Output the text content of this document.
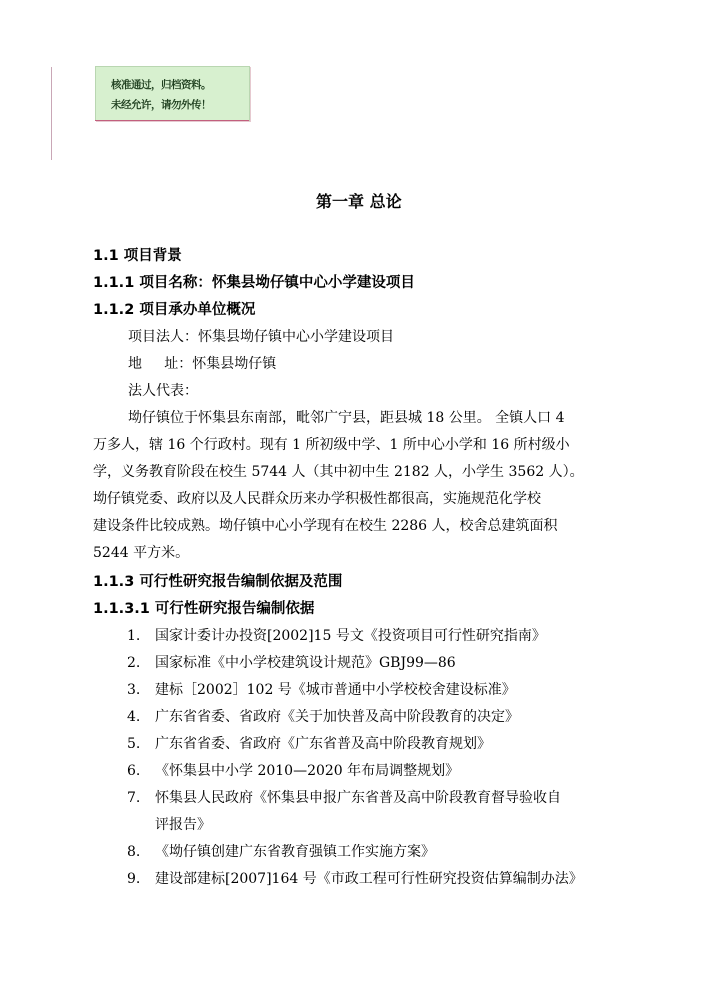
核准通过，归档资料。
未经允许，请勿外传！
第一章 总论
1.1 项目背景
1.1.1 项目名称：怀集县坳仔镇中心小学建设项目
1.1.2 项目承办单位概况
项目法人：怀集县坳仔镇中心小学建设项目
地     址：怀集县坳仔镇
法人代表：
坳仔镇位于怀集县东南部，毗邻广宁县，距县城 18 公里。 全镇人口 4
万多人，辖 16 个行政村。现有 1 所初级中学、1 所中心小学和 16 所村级小
学，义务教育阶段在校生 5744 人（其中初中生 2182 人，小学生 3562 人）。
坳仔镇党委、政府以及人民群众历来办学积极性都很高，实施规范化学校
建设条件比较成熟。坳仔镇中心小学现有在校生 2286 人，校舍总建筑面积
5244 平方米。
1.1.3 可行性研究报告编制依据及范围
1.1.3.1 可行性研究报告编制依据
1. 国家计委计办投资[2002]15 号文《投资项目可行性研究指南》
2. 国家标准《中小学校建筑设计规范》GBJ99—86
3. 建标［2002］102 号《城市普通中小学校校舍建设标准》
4. 广东省省委、省政府《关于加快普及高中阶段教育的决定》
5. 广东省省委、省政府《广东省普及高中阶段教育规划》
6. 《怀集县中小学 2010—2020 年布局调整规划》
7. 怀集县人民政府《怀集县申报广东省普及高中阶段教育督导验收自
评报告》
8. 《坳仔镇创建广东省教育强镇工作实施方案》
9. 建设部建标[2007]164 号《市政工程可行性研究投资估算编制办法》
